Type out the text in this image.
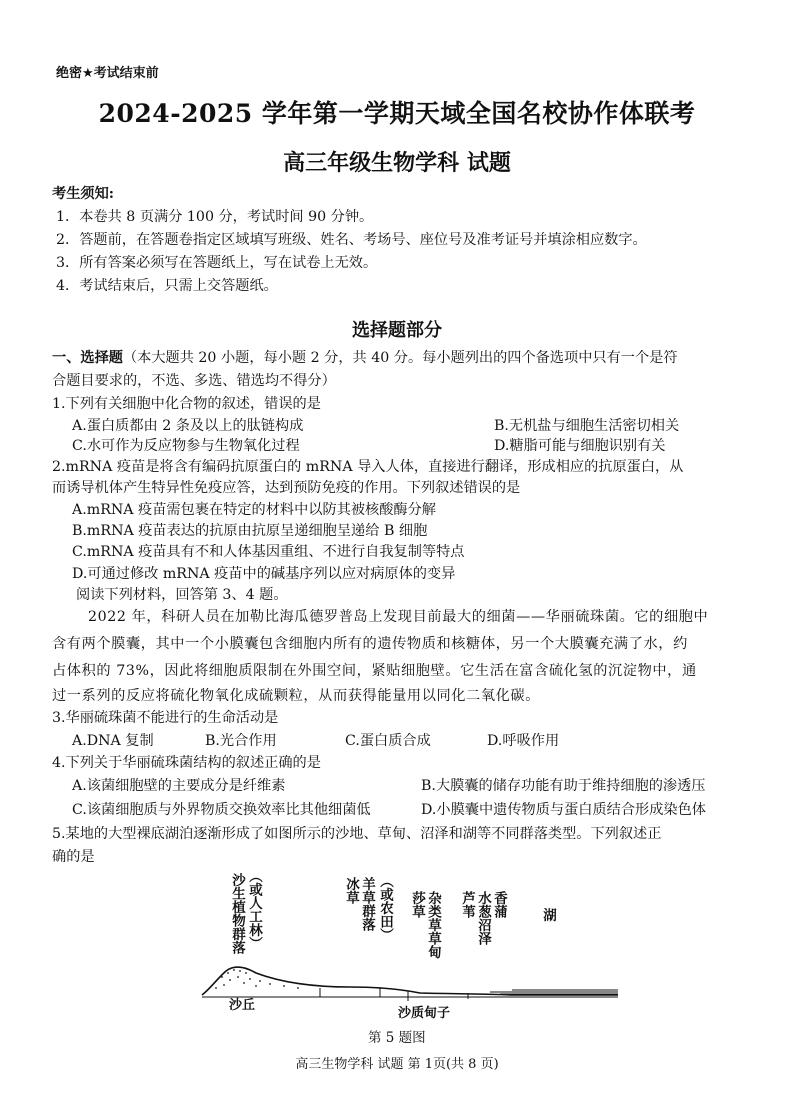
绝密★考试结束前
2024-2025 学年第一学期天域全国名校协作体联考
高三年级生物学科 试题
考生须知:
1．本卷共 8 页满分 100 分，考试时间 90 分钟。
2．答题前，在答题卷指定区域填写班级、姓名、考场号、座位号及准考证号并填涂相应数字。
3．所有答案必须写在答题纸上，写在试卷上无效。
4．考试结束后，只需上交答题纸。
选择题部分
一、选择题（本大题共 20 小题，每小题 2 分，共 40 分。每小题列出的四个备选项中只有一个是符
合题目要求的，不选、多选、错选均不得分）
1.下列有关细胞中化合物的叙述，错误的是
A.蛋白质都由 2 条及以上的肽链构成	B.无机盐与细胞生活密切相关
C.水可作为反应物参与生物氧化过程	D.糖脂可能与细胞识别有关
2.mRNA 疫苗是将含有编码抗原蛋白的 mRNA 导入人体，直接进行翻译，形成相应的抗原蛋白，从
而诱导机体产生特异性免疫应答，达到预防免疫的作用。下列叙述错误的是
A.mRNA 疫苗需包裹在特定的材料中以防其被核酸酶分解
B.mRNA 疫苗表达的抗原由抗原呈递细胞呈递给 B 细胞
C.mRNA 疫苗具有不和人体基因重组、不进行自我复制等特点
D.可通过修改 mRNA 疫苗中的碱基序列以应对病原体的变异
阅读下列材料，回答第 3、4 题。
2022 年，科研人员在加勒比海瓜德罗普岛上发现目前最大的细菌——华丽硫珠菌。它的细胞中
含有两个膜囊，其中一个小膜囊包含细胞内所有的遗传物质和核糖体，另一个大膜囊充满了水，约
占体积的 73%，因此将细胞质限制在外围空间，紧贴细胞壁。它生活在富含硫化氢的沉淀物中，通
过一系列的反应将硫化物氧化成硫颗粒，从而获得能量用以同化二氧化碳。
3.华丽硫珠菌不能进行的生命活动是
A.DNA 复制	B.光合作用	C.蛋白质合成	D.呼吸作用
4.下列关于华丽硫珠菌结构的叙述正确的是
A.该菌细胞壁的主要成分是纤维素	B.大膜囊的储存功能有助于维持细胞的渗透压
C.该菌细胞质与外界物质交换效率比其他细菌低	D.小膜囊中遗传物质与蛋白质结合形成染色体
5.某地的大型裸底湖泊逐渐形成了如图所示的沙地、草甸、沼泽和湖等不同群落类型。下列叙述正
确的是
沙生植物群落 （或人工林）	冰草 羊草群落 （或农田） 莎草 杂类草草甸 芦苇 水葱沼泽 香蒲 湖
沙丘
沙质甸子
第 5 题图
高三生物学科 试题 第 1页(共 8 页)
